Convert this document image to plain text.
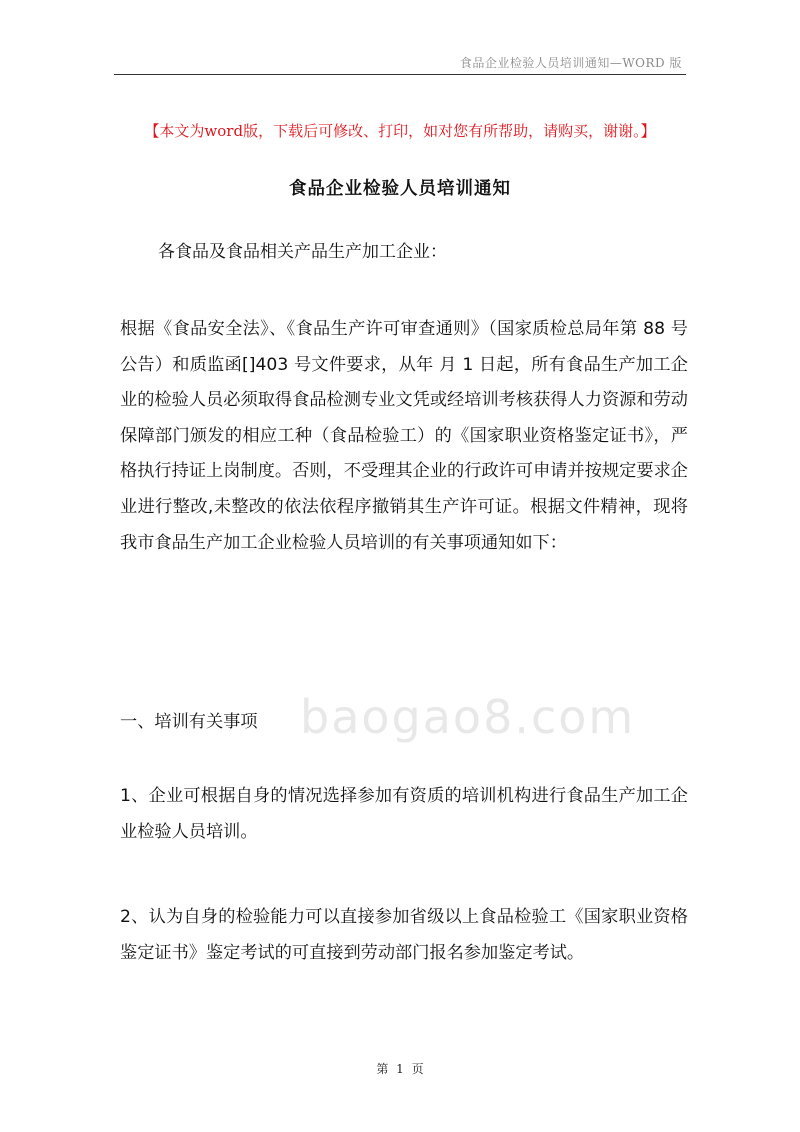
食品企业检验人员培训通知—WORD 版
baogao8.com
【本文为word版，下载后可修改、打印，如对您有所帮助，请购买，谢谢。】
食品企业检验人员培训通知
各食品及食品相关产品生产加工企业：
根据《食品安全法》、《食品生产许可审查通则》（国家质检总局年第 88 号公告）和质监函[]403 号文件要求，从年 月 1 日起，所有食品生产加工企业的检验人员必须取得食品检测专业文凭或经培训考核获得人力资源和劳动保障部门颁发的相应工种（食品检验工）的《国家职业资格鉴定证书》，严格执行持证上岗制度。否则，不受理其企业的行政许可申请并按规定要求企业进行整改,未整改的依法依程序撤销其生产许可证。根据文件精神，现将我市食品生产加工企业检验人员培训的有关事项通知如下：
一、培训有关事项
1、企业可根据自身的情况选择参加有资质的培训机构进行食品生产加工企业检验人员培训。
2、认为自身的检验能力可以直接参加省级以上食品检验工《国家职业资格鉴定证书》鉴定考试的可直接到劳动部门报名参加鉴定考试。
第 1 页
